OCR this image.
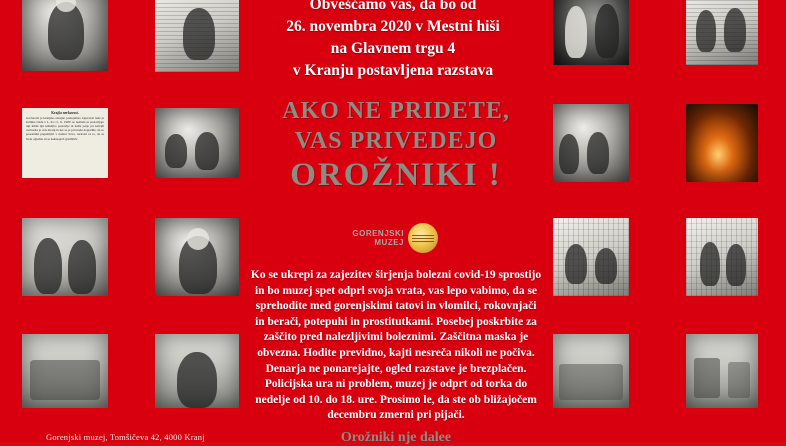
Krajša nerkavost.
zovčarosti je kranjsko okrajno poslopnisto zaprevzel naše je žolinke vlade v L. da t L. li. 1905! se naslada se postavljajo tuji kmiti tipi temeljito postavlje in našla petje pri katrajh raztrosila jo celo Kranj in ker se je pri uradu dogradile, da so posestniki prejemljivi v nadzor Sava, cerkveti za to, da se bode ogledno in se nakazajoči gradbišče
Obveščamo vas, da bo od
26. novembra 2020 v Mestni hiši
na Glavnem trgu 4
v Kranju postavljena razstava
AKO NE PRIDETE,
VAS PRIVEDEJO
OROŽNIKI !
GORENJSKI
MUZEJ
Ko se ukrepi za zajezitev širjenja bolezni covid-19 sprostijo in bo muzej spet odprl svoja vrata, vas lepo vabimo, da se sprehodite med gorenjskimi tatovi in vlomilci, rokovnjači in berači, potepuhi in prostitutkami. Posebej poskrbite za zaščito pred nalezljivimi boleznimi. Zaščitna maska je obvezna. Hodite previdno, kajti nesreča nikoli ne počiva. Denarja ne ponarejajte, ogled razstave je brezplačen. Policijska ura ni problem, muzej je odprt od torka do nedelje od 10. do 18. ure. Prosimo le, da ste ob bližajočem decembru zmerni pri pijači.
Orožniki nje dalee
Gorenjski muzej, Tomšičeva 42, 4000 Kranj
